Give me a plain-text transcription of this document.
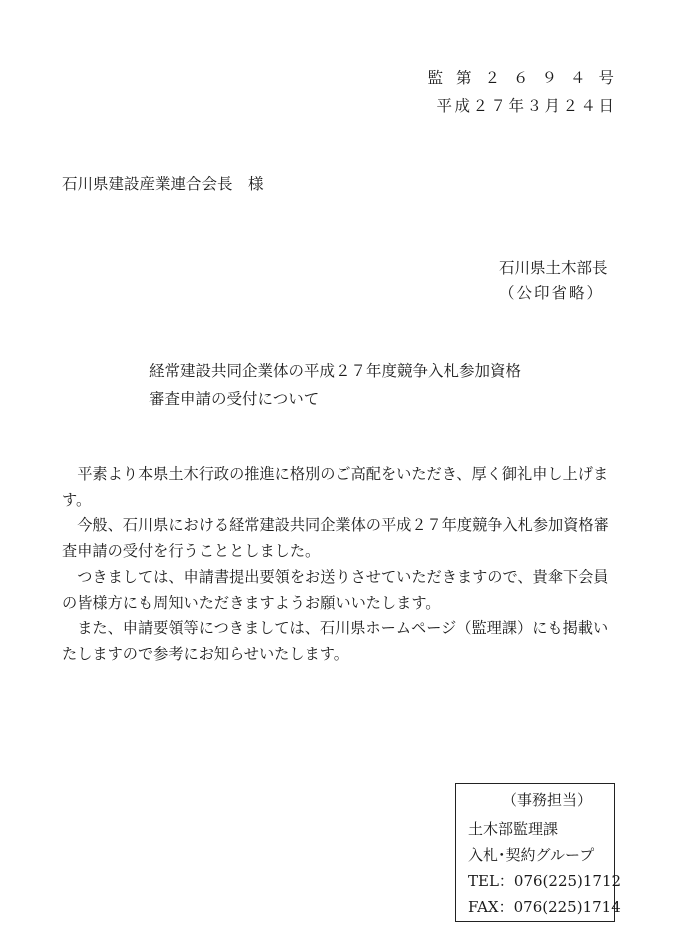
監第２６９４号
平成２７年３月２４日
石川県建設産業連合会長　様
石川県土木部長
（公印省略）
経常建設共同企業体の平成２７年度競争入札参加資格
審査申請の受付について

平素より本県土木行政の推進に格別のご高配をいただき、厚く御礼申し上げます。

今般、石川県における経常建設共同企業体の平成２７年度競争入札参加資格審査申請の受付を行うこととしました。

つきましては、申請書提出要領をお送りさせていただきますので、貴傘下会員の皆様方にも周知いただきますようお願いいたします。

また、申請要領等につきましては、石川県ホームページ（監理課）にも掲載いたしますので参考にお知らせいたします。

（事務担当）
土木部監理課
入札･契約グループ
TEL：076(225)1712
FAX：076(225)1714
